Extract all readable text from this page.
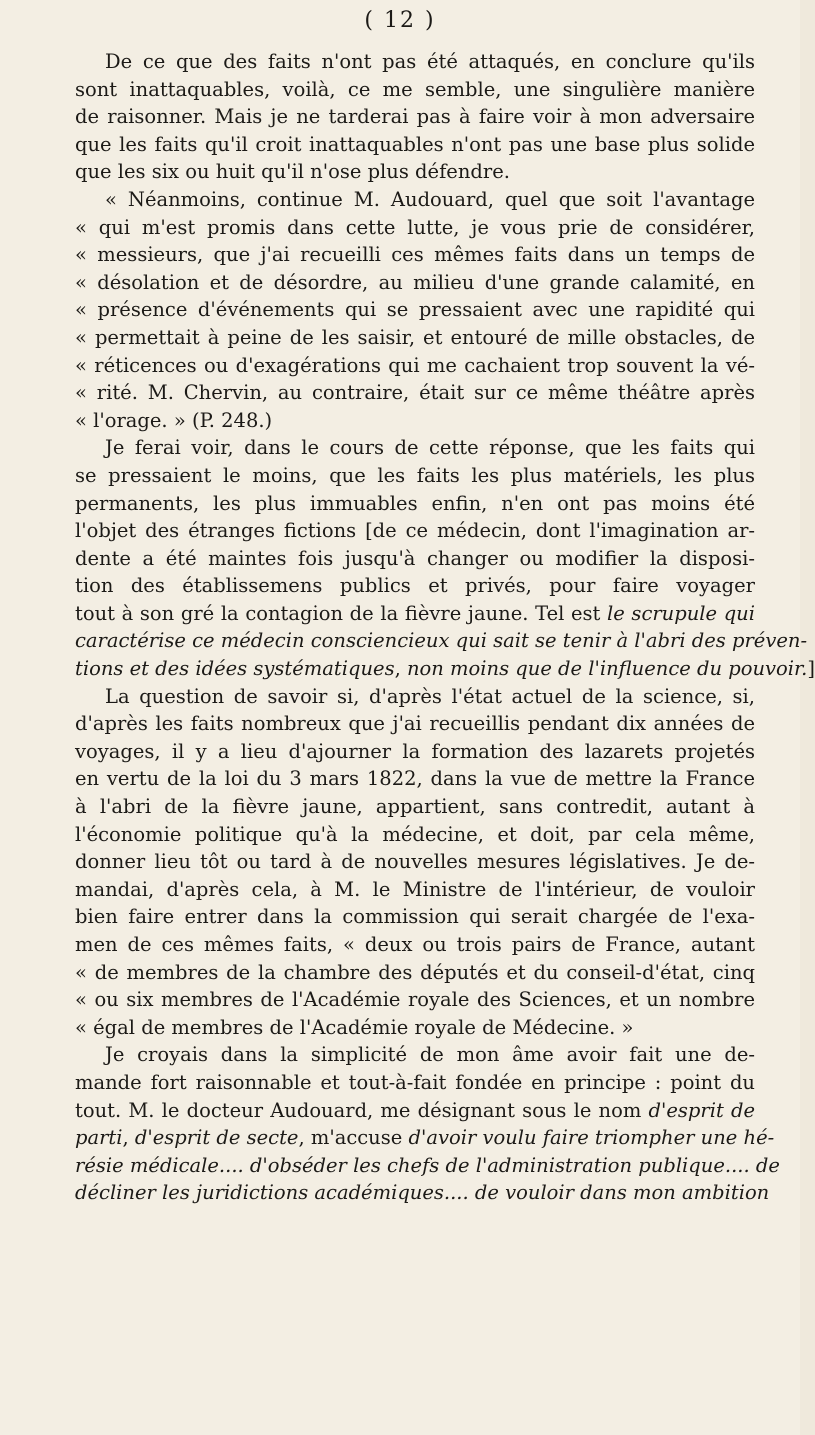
( 12 )
De ce que des faits n'ont pas été attaqués, en conclure qu'ils
sont inattaquables, voilà, ce me semble, une singulière manière
de raisonner. Mais je ne tarderai pas à faire voir à mon adversaire
que les faits qu'il croit inattaquables n'ont pas une base plus solide
que les six ou huit qu'il n'ose plus défendre.
« Néanmoins, continue M. Audouard, quel que soit l'avantage
« qui m'est promis dans cette lutte, je vous prie de considérer,
« messieurs, que j'ai recueilli ces mêmes faits dans un temps de
« désolation et de désordre, au milieu d'une grande calamité, en
« présence d'événements qui se pressaient avec une rapidité qui
« permettait à peine de les saisir, et entouré de mille obstacles, de
« réticences ou d'exagérations qui me cachaient trop souvent la vé-
« rité. M. Chervin, au contraire, était sur ce même théâtre après
« l'orage. » (P. 248.)
Je ferai voir, dans le cours de cette réponse, que les faits qui
se pressaient le moins, que les faits les plus matériels, les plus
permanents, les plus immuables enfin, n'en ont pas moins été
l'objet des étranges fictions [de ce médecin, dont l'imagination ar-
dente a été maintes fois jusqu'à changer ou modifier la disposi-
tion des établissemens publics et privés, pour faire voyager
tout à son gré la contagion de la fièvre jaune. Tel est le scrupule qui
caractérise ce médecin consciencieux qui sait se tenir à l'abri des préven-
tions et des idées systématiques, non moins que de l'influence du pouvoir.]
La question de savoir si, d'après l'état actuel de la science, si,
d'après les faits nombreux que j'ai recueillis pendant dix années de
voyages, il y a lieu d'ajourner la formation des lazarets projetés
en vertu de la loi du 3 mars 1822, dans la vue de mettre la France
à l'abri de la fièvre jaune, appartient, sans contredit, autant à
l'économie politique qu'à la médecine, et doit, par cela même,
donner lieu tôt ou tard à de nouvelles mesures législatives. Je de-
mandai, d'après cela, à M. le Ministre de l'intérieur, de vouloir
bien faire entrer dans la commission qui serait chargée de l'exa-
men de ces mêmes faits, « deux ou trois pairs de France, autant
« de membres de la chambre des députés et du conseil-d'état, cinq
« ou six membres de l'Académie royale des Sciences, et un nombre
« égal de membres de l'Académie royale de Médecine. »
Je croyais dans la simplicité de mon âme avoir fait une de-
mande fort raisonnable et tout-à-fait fondée en principe : point du
tout. M. le docteur Audouard, me désignant sous le nom d'esprit de
parti, d'esprit de secte, m'accuse d'avoir voulu faire triompher une hé-
résie médicale.... d'obséder les chefs de l'administration publique.... de
décliner les juridictions académiques.... de vouloir dans mon ambition
